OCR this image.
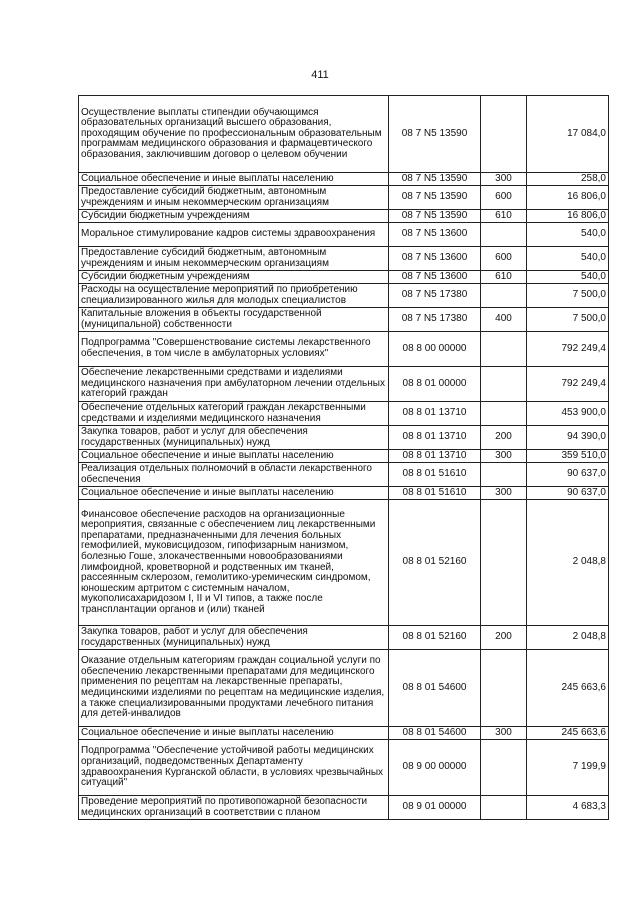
411
Осуществление выплаты стипендии обучающимся образовательных организаций высшего образования, проходящим обучение по профессиональным образовательным программам медицинского образования и фармацевтического образования, заключившим договор о целевом обучении	08 7 N5 13590		17 084,0
Социальное обеспечение и иные выплаты населению	08 7 N5 13590	300	258,0
Предоставление субсидий бюджетным, автономным учреждениям и иным некоммерческим организациям	08 7 N5 13590	600	16 806,0
Субсидии бюджетным учреждениям	08 7 N5 13590	610	16 806,0
Моральное стимулирование кадров системы здравоохранения	08 7 N5 13600		540,0
Предоставление субсидий бюджетным, автономным учреждениям и иным некоммерческим организациям	08 7 N5 13600	600	540,0
Субсидии бюджетным учреждениям	08 7 N5 13600	610	540,0
Расходы на осуществление мероприятий по приобретению специализированного жилья для молодых специалистов	08 7 N5 17380		7 500,0
Капитальные вложения в объекты государственной (муниципальной) собственности	08 7 N5 17380	400	7 500,0
Подпрограмма "Совершенствование системы лекарственного обеспечения, в том числе в амбулаторных условиях"	08 8 00 00000		792 249,4
Обеспечение лекарственными средствами и изделиями медицинского назначения при амбулаторном лечении отдельных категорий граждан	08 8 01 00000		792 249,4
Обеспечение отдельных категорий граждан лекарственными средствами и изделиями медицинского назначения	08 8 01 13710		453 900,0
Закупка товаров, работ и услуг для обеспечения государственных (муниципальных) нужд	08 8 01 13710	200	94 390,0
Социальное обеспечение и иные выплаты населению	08 8 01 13710	300	359 510,0
Реализация отдельных полномочий в области лекарственного обеспечения	08 8 01 51610		90 637,0
Социальное обеспечение и иные выплаты населению	08 8 01 51610	300	90 637,0
Финансовое обеспечение расходов на организационные мероприятия, связанные с обеспечением лиц лекарственными препаратами, предназначенными для лечения больных гемофилией, муковисцидозом, гипофизарным нанизмом, болезнью Гоше, злокачественными новообразованиями лимфоидной, кроветворной и родственных им тканей, рассеянным склерозом, гемолитико-уремическим синдромом, юношеским артритом с системным началом, мукополисахаридозом I, II и VI типов, а также после трансплантации органов и (или) тканей	08 8 01 52160		2 048,8
Закупка товаров, работ и услуг для обеспечения государственных (муниципальных) нужд	08 8 01 52160	200	2 048,8
Оказание отдельным категориям граждан социальной услуги по обеспечению лекарственными препаратами для медицинского применения по рецептам на лекарственные препараты, медицинскими изделиями по рецептам на медицинские изделия, а также специализированными продуктами лечебного питания для детей-инвалидов	08 8 01 54600		245 663,6
Социальное обеспечение и иные выплаты населению	08 8 01 54600	300	245 663,6
Подпрограмма "Обеспечение устойчивой работы медицинских организаций, подведомственных Департаменту здравоохранения Курганской области, в условиях чрезвычайных ситуаций"	08 9 00 00000		7 199,9
Проведение мероприятий по противопожарной безопасности медицинских организаций в соответствии с планом	08 9 01 00000		4 683,3
